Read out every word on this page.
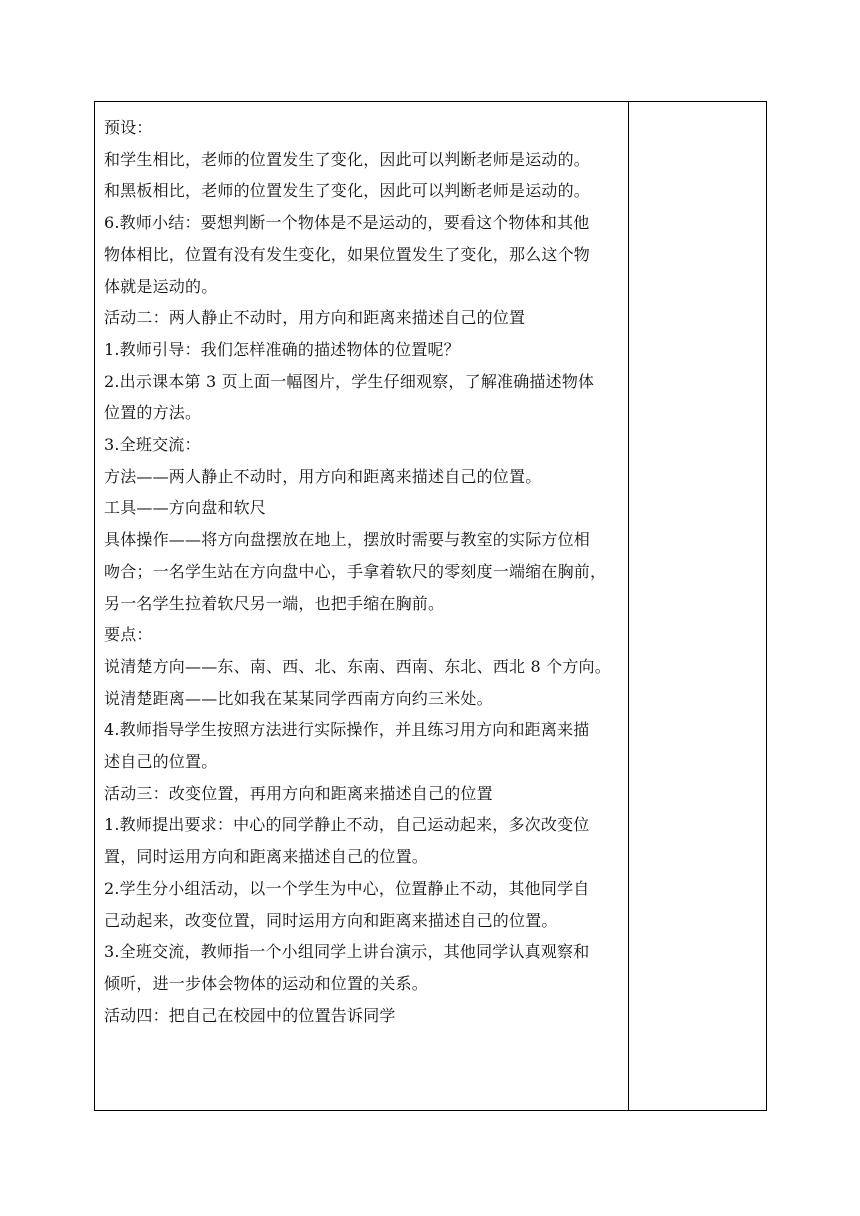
预设：
和学生相比，老师的位置发生了变化，因此可以判断老师是运动的。
和黑板相比，老师的位置发生了变化，因此可以判断老师是运动的。
6.教师小结：要想判断一个物体是不是运动的，要看这个物体和其他
物体相比，位置有没有发生变化，如果位置发生了变化，那么这个物
体就是运动的。
活动二：两人静止不动时，用方向和距离来描述自己的位置
1.教师引导：我们怎样准确的描述物体的位置呢？
2.出示课本第 3 页上面一幅图片，学生仔细观察，了解准确描述物体
位置的方法。
3.全班交流：
方法——两人静止不动时，用方向和距离来描述自己的位置。
工具——方向盘和软尺
具体操作——将方向盘摆放在地上，摆放时需要与教室的实际方位相
吻合；一名学生站在方向盘中心，手拿着软尺的零刻度一端缩在胸前，
另一名学生拉着软尺另一端，也把手缩在胸前。
要点：
说清楚方向——东、南、西、北、东南、西南、东北、西北 8 个方向。
说清楚距离——比如我在某某同学西南方向约三米处。
4.教师指导学生按照方法进行实际操作，并且练习用方向和距离来描
述自己的位置。
活动三：改变位置，再用方向和距离来描述自己的位置
1.教师提出要求：中心的同学静止不动，自己运动起来，多次改变位
置，同时运用方向和距离来描述自己的位置。
2.学生分小组活动，以一个学生为中心，位置静止不动，其他同学自
己动起来，改变位置，同时运用方向和距离来描述自己的位置。
3.全班交流，教师指一个小组同学上讲台演示，其他同学认真观察和
倾听，进一步体会物体的运动和位置的关系。
活动四：把自己在校园中的位置告诉同学
